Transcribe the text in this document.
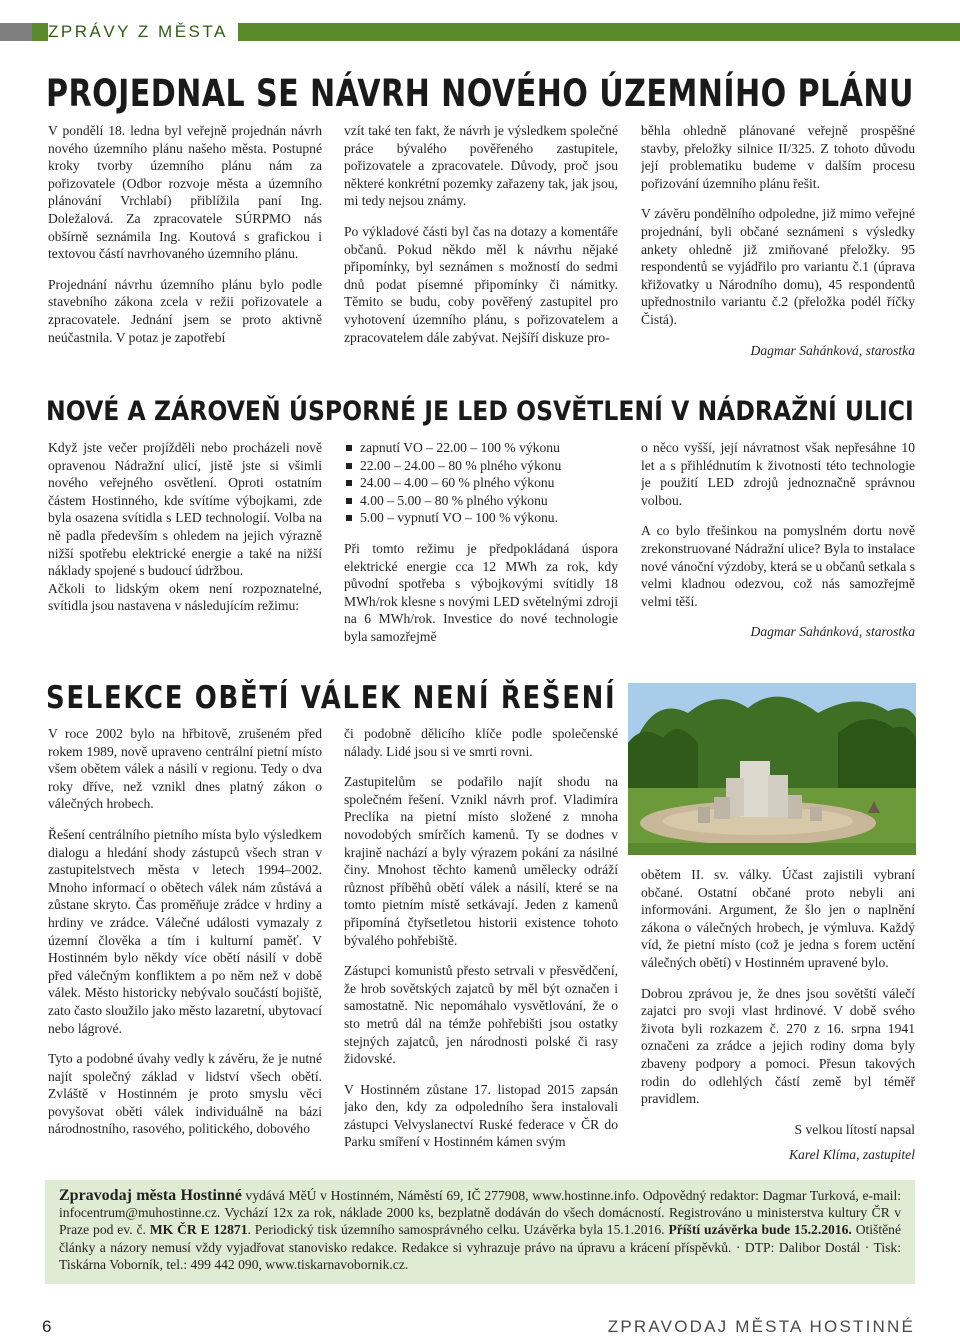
ZPRÁVY Z MĚSTA
PROJEDNAL SE NÁVRH NOVÉHO ÚZEMNÍHO PLÁNU

V pondělí 18. ledna byl veřejně projednán návrh nového územního plánu našeho města. Postupné kroky tvorby územního plánu nám za pořizovatele (Odbor rozvoje města a územního plánování Vrchlabí) přiblížila paní Ing. Doležalová. Za zpracovatele SÚRPMO nás obšírně seznámila Ing. Koutová s grafickou i textovou částí navrhovaného územního plánu.

Projednání návrhu územního plánu bylo podle stavebního zákona zcela v režii pořizovatele a zpracovatele. Jednání jsem se proto aktivně neúčastnila. V potaz je zapotřebí

vzít také ten fakt, že návrh je výsledkem společné práce bývalého pověřeného zastupitele, pořizovatele a zpracovatele. Důvody, proč jsou některé konkrétní pozemky zařazeny tak, jak jsou, mi tedy nejsou známy.

Po výkladové části byl čas na dotazy a komentáře občanů. Pokud někdo měl k návrhu nějaké připomínky, byl seznámen s možností do sedmi dnů podat písemné připomínky či námitky. Těmito se budu, coby pověřený zastupitel pro vyhotovení územního plánu, s pořizovatelem a zpracovatelem dále zabývat. Nejšíří diskuze pro-

běhla ohledně plánované veřejně prospěšné stavby, přeložky silnice II/325. Z tohoto důvodu její problematiku budeme v dalším procesu pořizování územního plánu řešit.

V závěru pondělního odpoledne, již mimo veřejné projednání, byli občané seznámeni s výsledky ankety ohledně již zmiňované přeložky. 95 respondentů se vyjádřilo pro variantu č.1 (úprava křižovatky u Národního domu), 45 respondentů upřednostnilo variantu č.2 (přeložka podél říčky Čistá).

Dagmar Sahánková, starostka

NOVÉ A ZÁROVEŇ ÚSPORNÉ JE LED OSVĚTLENÍ V NÁDRAŽNÍ ULICI

Když jste večer projížděli nebo procházeli nově opravenou Nádražní ulicí, jistě jste si všimli nového veřejného osvětlení. Oproti ostatním částem Hostinného, kde svítíme výbojkami, zde byla osazena svítidla s LED technologií. Volba na ně padla především s ohledem na jejich výrazně nižší spotřebu elektrické energie a také na nižší náklady spojené s budoucí údržbou.

Ačkoli to lidským okem není rozpoznatelné, svítidla jsou nastavena v následujícím režimu:

zapnutí VO – 22.00 – 100 % výkonu
22.00 – 24.00 – 80 % plného výkonu
24.00 – 4.00 – 60 % plného výkonu
4.00 – 5.00 – 80 % plného výkonu
5.00 – vypnutí VO – 100 % výkonu.

Při tomto režimu je předpokládaná úspora elektrické energie cca 12 MWh za rok, kdy původní spotřeba s výbojkovými svítidly 18 MWh/rok klesne s novými LED světelnými zdroji na 6 MWh/rok. Investice do nové technologie byla samozřejmě

o něco vyšší, její návratnost však nepřesáhne 10 let a s přihlédnutím k životnosti této technologie je použití LED zdrojů jednoznačně správnou volbou.

A co bylo třešinkou na pomyslném dortu nově zrekonstruované Nádražní ulice? Byla to instalace nové vánoční výzdoby, která se u občanů setkala s velmi kladnou odezvou, což nás samozřejmě velmi těší.

Dagmar Sahánková, starostka

SELEKCE OBĚTÍ VÁLEK NENÍ ŘEŠENÍ

V roce 2002 bylo na hřbitově, zrušeném před rokem 1989, nově upraveno centrální pietní místo všem obětem válek a násilí v regionu. Tedy o dva roky dříve, než vznikl dnes platný zákon o válečných hrobech.

Řešení centrálního pietního místa bylo výsledkem dialogu a hledání shody zástupců všech stran v zastupitelstvech města v letech 1994–2002. Mnoho informací o obětech válek nám zůstává a zůstane skryto. Čas proměňuje zrádce v hrdiny a hrdiny ve zrádce. Válečné události vymazaly z územní člověka a tím i kulturní paměť. V Hostinném bylo někdy více obětí násilí v době před válečným konfliktem a po něm než v době válek. Město historicky nebývalo součástí bojiště, zato často sloužilo jako město lazaretní, ubytovací nebo lágrové.

Tyto a podobné úvahy vedly k závěru, že je nutné najít společný základ v lidství všech obětí. Zvláště v Hostinném je proto smyslu věci povyšovat oběti válek individuálně na bázi národnostního, rasového, politického, dobového

či podobně dělicího klíče podle společenské nálady. Lidé jsou si ve smrti rovni.

Zastupitelům se podařilo najít shodu na společném řešení. Vznikl návrh prof. Vladimíra Preclíka na pietní místo složené z mnoha novodobých smírčích kamenů. Ty se dodnes v krajině nachází a byly výrazem pokání za násilné činy. Mnohost těchto kamenů umělecky odráží různost příběhů obětí válek a násilí, které se na tomto pietním místě setkávají. Jeden z kamenů připomíná čtyřsetletou historii existence tohoto bývalého pohřebiště.

Zástupci komunistů přesto setrvali v přesvědčení, že hrob sovětských zajatců by měl být označen i samostatně. Nic nepomáhalo vysvětlování, že o sto metrů dál na témže pohřebišti jsou ostatky stejných zajatců, jen národnosti polské či rasy židovské.

V Hostinném zůstane 17. listopad 2015 zapsán jako den, kdy za odpoledního šera instalovali zástupci Velvyslanectví Ruské federace v ČR do Parku smíření v Hostinném kámen svým

obětem II. sv. války. Účast zajistili vybraní občané. Ostatní občané proto nebyli ani informováni. Argument, že šlo jen o naplnění zákona o válečných hrobech, je výmluva. Každý víd, že pietní místo (což je jedna s forem uctění válečných obětí) v Hostinném upravené bylo.

Dobrou zprávou je, že dnes jsou sovětští válečí zajatci pro svoji vlast hrdinové. V době svého života byli rozkazem č. 270 z 16. srpna 1941 označeni za zrádce a jejich rodiny doma byly zbaveny podpory a pomoci. Přesun takových rodin do odlehlých částí země byl téměř pravidlem.

S velkou lítostí napsal

Karel Klíma, zastupitel

Zpravodaj města Hostinné vydává MěÚ v Hostinném, Náměstí 69, IČ 277908, www.hostinne.info. Odpovědný redaktor: Dagmar Turková, e-mail: infocentrum@muhostinne.cz. Vychází 12x za rok, náklade 2000 ks, bezplatně dodáván do všech domácností. Registrováno u ministerstva kultury ČR v Praze pod ev. č. MK ČR E 12871. Periodický tisk územního samosprávného celku. Uzávěrka byla 15.1.2016. Příští uzávěrka bude 15.2.2016. Otištěné články a názory nemusí vždy vyjadřovat stanovisko redakce. Redakce si vyhrazuje právo na úpravu a krácení příspěvků. · DTP: Dalibor Dostál · Tisk: Tiskárna Voborník, tel.: 499 442 090, www.tiskarnavobornik.cz.
6	ZPRAVODAJ MĚSTA HOSTINNÉ
